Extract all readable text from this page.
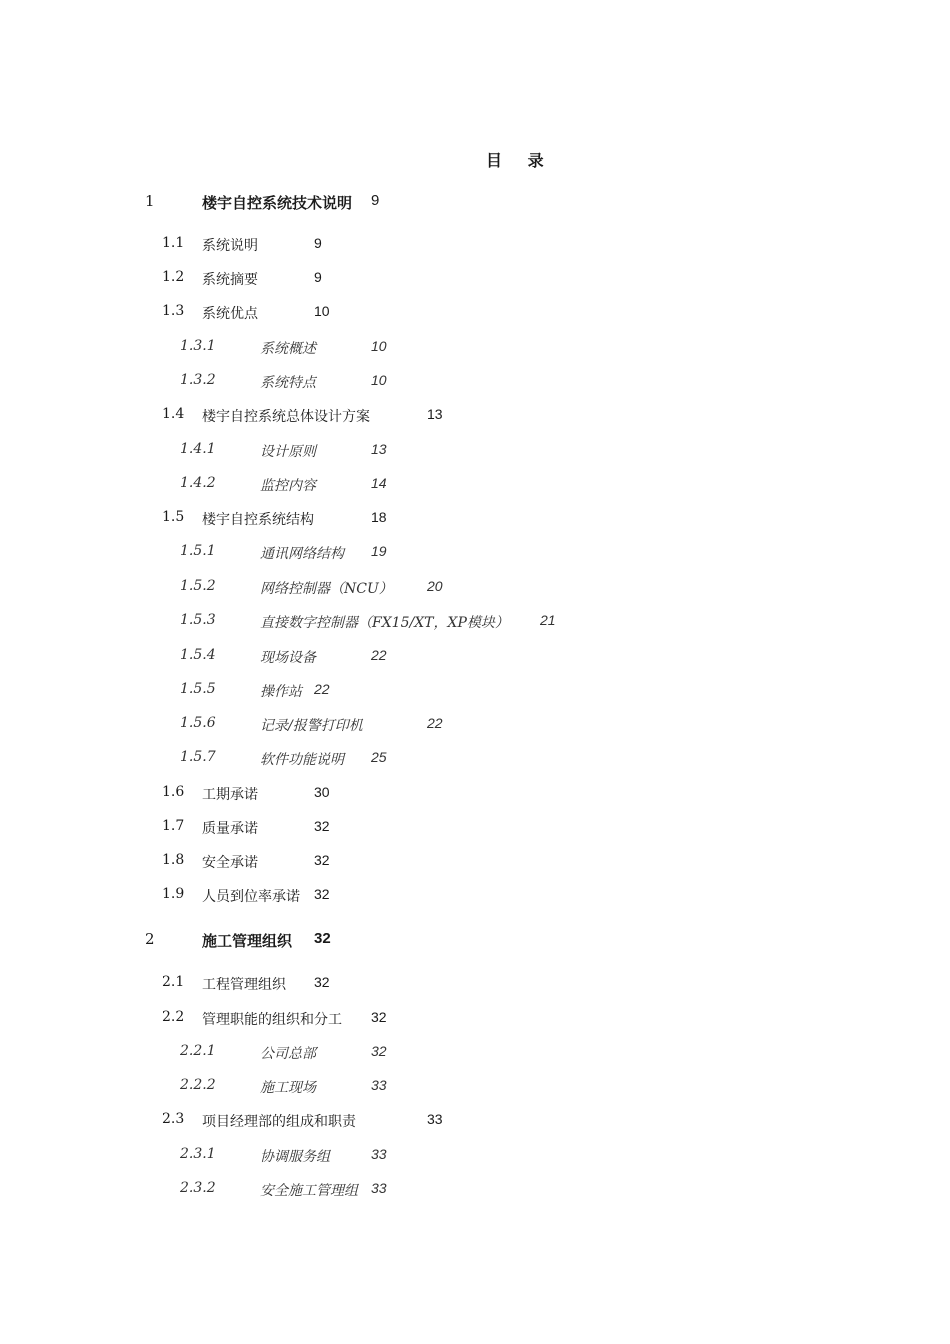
目 录
1	楼宇自控系统技术说明 9
1.1 系统说明	9
1.2 系统摘要	9
1.3 系统优点	10
1.3.1	系统概述	10
1.3.2	系统特点	10
1.4 楼宇自控系统总体设计方案	13
1.4.1	设计原则	13
1.4.2	监控内容	14
1.5 楼宇自控系统结构	18
1.5.1	通讯网络结构 19
1.5.2	网络控制器（NCU） 20
1.5.3	直接数字控制器（FX15/XT，XP模块） 21
1.5.4	现场设备	22
1.5.5	操作站 22
1.5.6	记录/报警打印机	22
1.5.7	软件功能说明 25
1.6 工期承诺	30
1.7 质量承诺	32
1.8 安全承诺	32
1.9 人员到位率承诺 32
2	施工管理组织 32
2.1 工程管理组织 32
2.2 管理职能的组织和分工 32
2.2.1	公司总部	32
2.2.2	施工现场	33
2.3 项目经理部的组成和职责	33
2.3.1	协调服务组	33
2.3.2	安全施工管理组 33
